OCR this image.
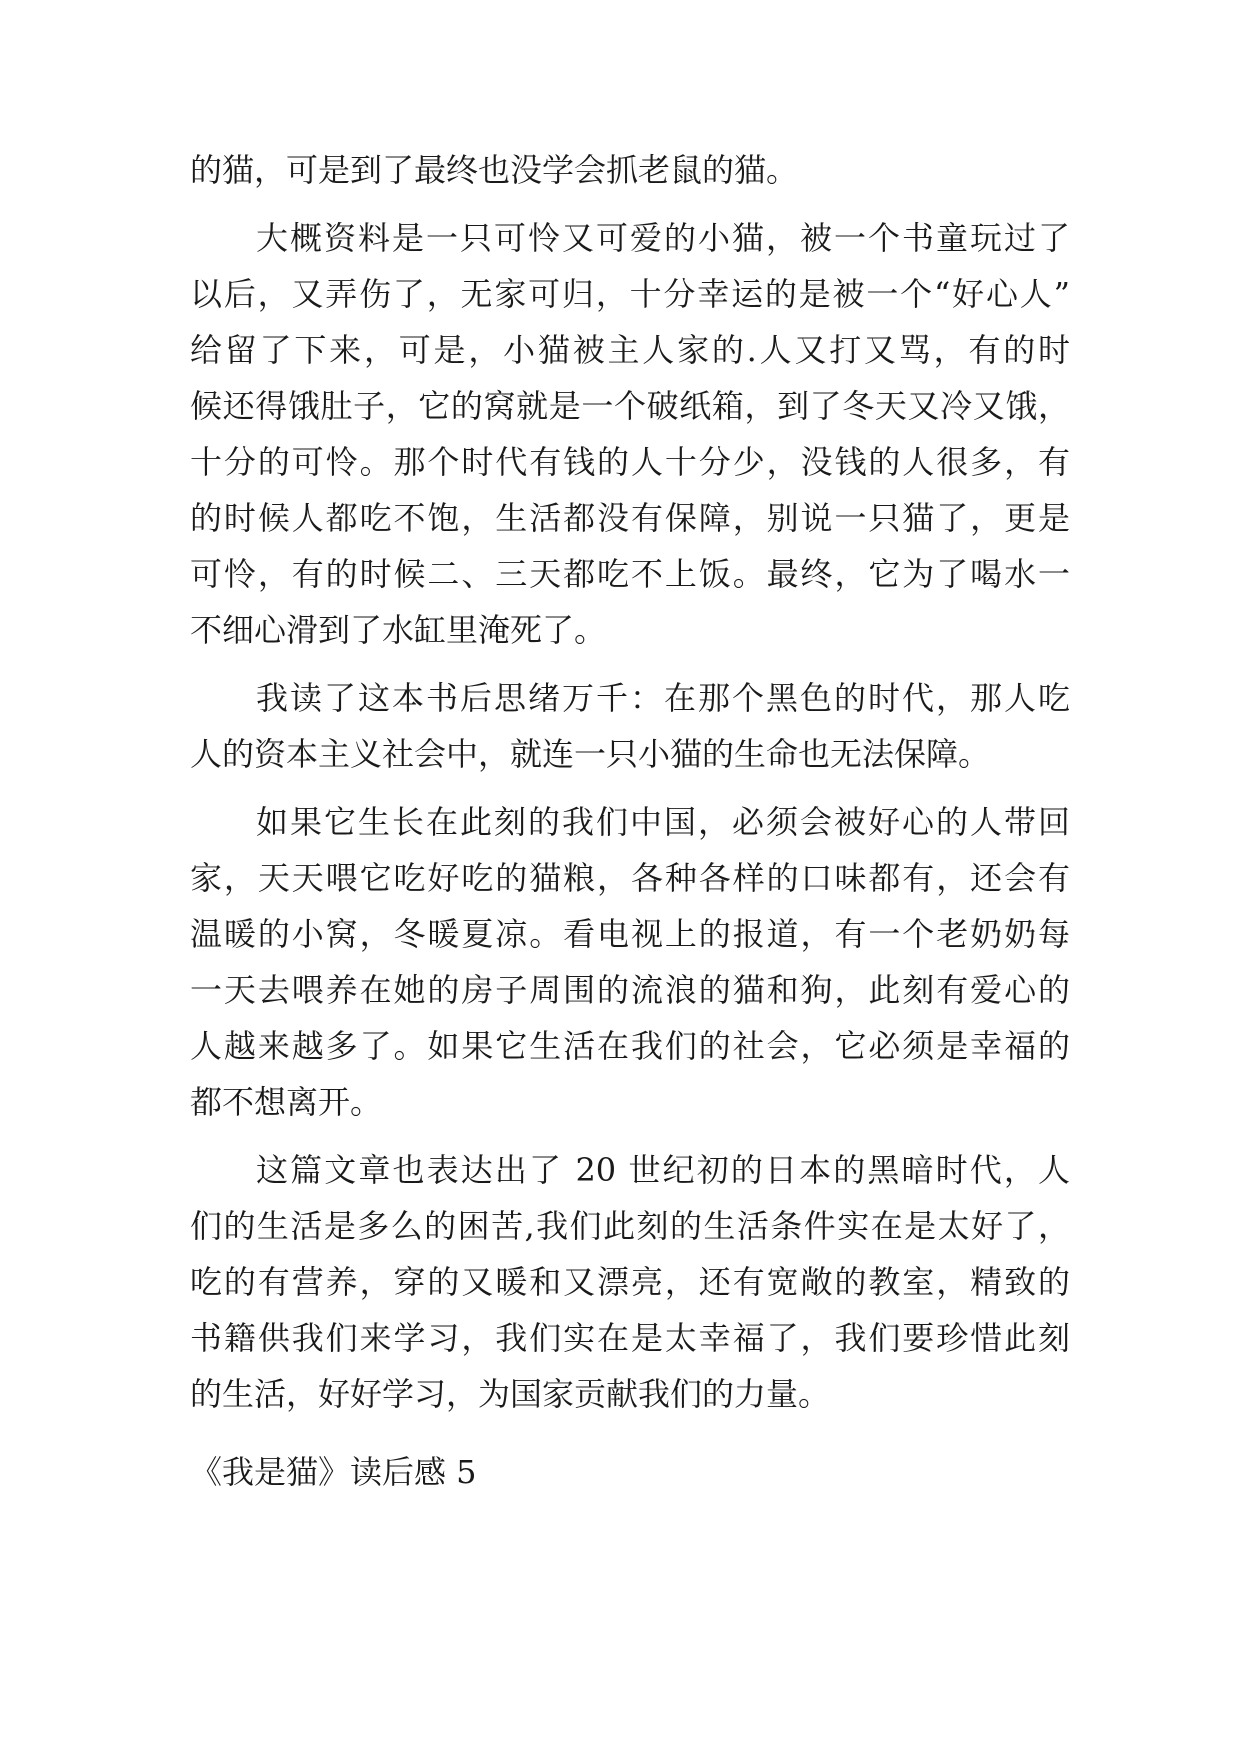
的猫，可是到了最终也没学会抓老鼠的猫。
大概资料是一只可怜又可爱的小猫，被一个书童玩过了
以后，又弄伤了，无家可归，十分幸运的是被一个“好心人”
给留了下来，可是，小猫被主人家的.人又打又骂，有的时
候还得饿肚子，它的窝就是一个破纸箱，到了冬天又冷又饿，
十分的可怜。那个时代有钱的人十分少，没钱的人很多，有
的时候人都吃不饱，生活都没有保障，别说一只猫了，更是
可怜，有的时候二、三天都吃不上饭。最终，它为了喝水一
不细心滑到了水缸里淹死了。
我读了这本书后思绪万千：在那个黑色的时代，那人吃
人的资本主义社会中，就连一只小猫的生命也无法保障。
如果它生长在此刻的我们中国，必须会被好心的人带回
家，天天喂它吃好吃的猫粮，各种各样的口味都有，还会有
温暖的小窝，冬暖夏凉。看电视上的报道，有一个老奶奶每
一天去喂养在她的房子周围的流浪的猫和狗，此刻有爱心的
人越来越多了。如果它生活在我们的社会，它必须是幸福的
都不想离开。
这篇文章也表达出了 20 世纪初的日本的黑暗时代，人
们的生活是多么的困苦,我们此刻的生活条件实在是太好了，
吃的有营养，穿的又暖和又漂亮，还有宽敞的教室，精致的
书籍供我们来学习，我们实在是太幸福了，我们要珍惜此刻
的生活，好好学习，为国家贡献我们的力量。
《我是猫》读后感 5
